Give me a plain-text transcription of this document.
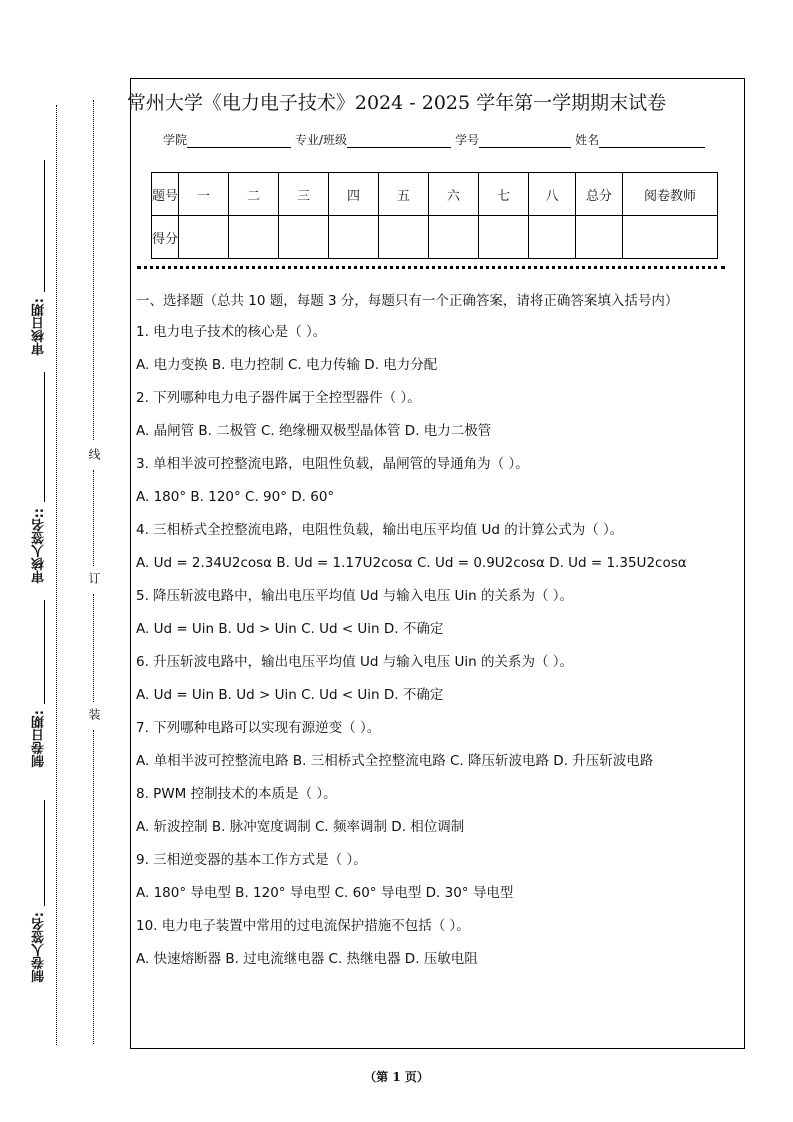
审核日期:
审核人签名::
制卷日期:
制卷人签名:
线
订
装
常州大学《电力电子技术》2024 - 2025 学年第一学期期末试卷
学院	专业/班级	学号	姓名
题号	一	二	三	四	五	六	七	八	总分	阅卷教师
得分										
一、选择题（总共 10 题，每题 3 分，每题只有一个正确答案，请将正确答案填入括号内）

1. 电力电子技术的核心是（ ）。

A. 电力变换 B. 电力控制 C. 电力传输 D. 电力分配

2. 下列哪种电力电子器件属于全控型器件（ ）。

A. 晶闸管 B. 二极管 C. 绝缘栅双极型晶体管 D. 电力二极管

3. 单相半波可控整流电路，电阻性负载，晶闸管的导通角为（ ）。

A. 180° B. 120° C. 90° D. 60°

4. 三相桥式全控整流电路，电阻性负载，输出电压平均值 Ud 的计算公式为（ ）。

A. Ud = 2.34U2cosα B. Ud = 1.17U2cosα C. Ud = 0.9U2cosα D. Ud = 1.35U2cosα

5. 降压斩波电路中，输出电压平均值 Ud 与输入电压 Uin 的关系为（ ）。

A. Ud = Uin B. Ud > Uin C. Ud < Uin D. 不确定

6. 升压斩波电路中，输出电压平均值 Ud 与输入电压 Uin 的关系为（ ）。

A. Ud = Uin B. Ud > Uin C. Ud < Uin D. 不确定

7. 下列哪种电路可以实现有源逆变（ ）。

A. 单相半波可控整流电路 B. 三相桥式全控整流电路 C. 降压斩波电路 D. 升压斩波电路

8. PWM 控制技术的本质是（ ）。

A. 斩波控制 B. 脉冲宽度调制 C. 频率调制 D. 相位调制

9. 三相逆变器的基本工作方式是（ ）。

A. 180° 导电型 B. 120° 导电型 C. 60° 导电型 D. 30° 导电型

10. 电力电子装置中常用的过电流保护措施不包括（ ）。

A. 快速熔断器 B. 过电流继电器 C. 热继电器 D. 压敏电阻

（第 1 页）
